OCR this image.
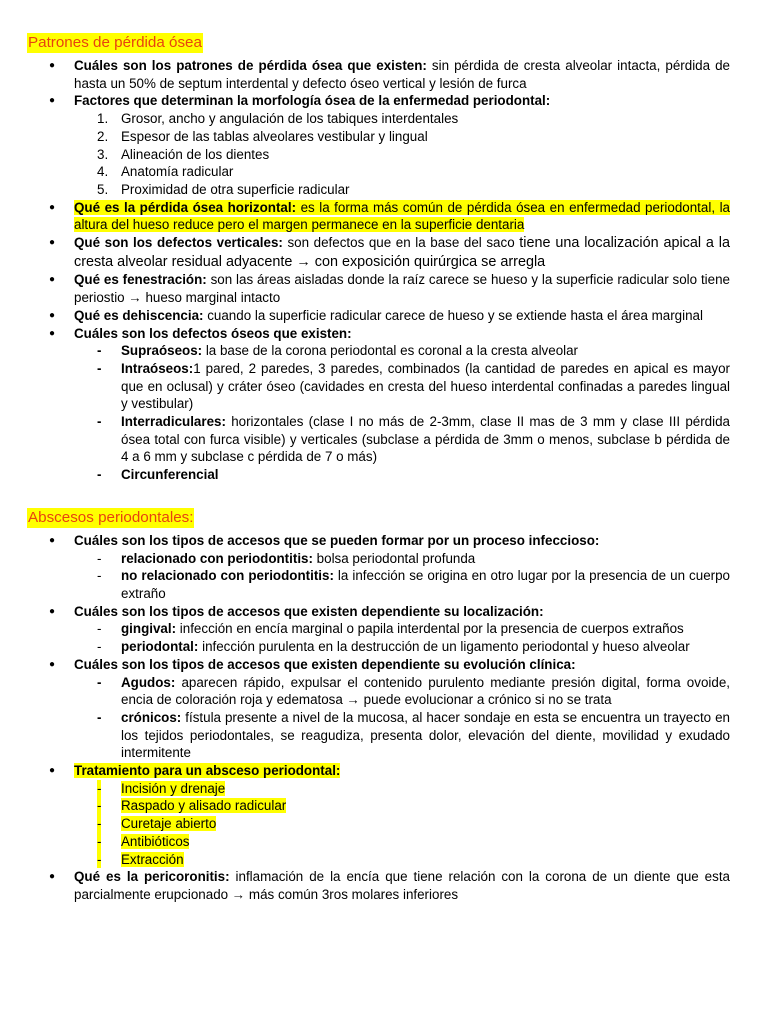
Patrones de pérdida ósea
● Cuáles son los patrones de pérdida ósea que existen: sin pérdida de cresta alveolar intacta, pérdida de hasta un 50% de septum interdental y defecto óseo vertical y lesión de furca
● Factores que determinan la morfología ósea de la enfermedad periodontal:
1. Grosor, ancho y angulación de los tabiques interdentales
2. Espesor de las tablas alveolares vestibular y lingual
3. Alineación de los dientes
4. Anatomía radicular
5. Proximidad de otra superficie radicular
● Qué es la pérdida ósea horizontal: es la forma más común de pérdida ósea en enfermedad periodontal, la altura del hueso reduce pero el margen permanece en la superficie dentaria
● Qué son los defectos verticales: son defectos que en la base del saco tiene una localización apical a la cresta alveolar residual adyacente → con exposición quirúrgica se arregla
● Qué es fenestración: son las áreas aisladas donde la raíz carece se hueso y la superficie radicular solo tiene periostio → hueso marginal intacto
● Qué es dehiscencia: cuando la superficie radicular carece de hueso y se extiende hasta el área marginal
● Cuáles son los defectos óseos que existen:
- Supraóseos: la base de la corona periodontal es coronal a la cresta alveolar
- Intraóseos:1 pared, 2 paredes, 3 paredes, combinados (la cantidad de paredes en apical es mayor que en oclusal) y cráter óseo (cavidades en cresta del hueso interdental confinadas a paredes lingual y vestibular)
- Interradiculares: horizontales (clase I no más de 2-3mm, clase II mas de 3 mm y clase III pérdida ósea total con furca visible) y verticales (subclase a pérdida de 3mm o menos, subclase b pérdida de 4 a 6 mm y subclase c pérdida de 7 o más)
- Circunferencial
Abscesos periodontales:
● Cuáles son los tipos de accesos que se pueden formar por un proceso infeccioso:
- relacionado con periodontitis: bolsa periodontal profunda
- no relacionado con periodontitis: la infección se origina en otro lugar por la presencia de un cuerpo extraño
● Cuáles son los tipos de accesos que existen dependiente su localización:
- gingival: infección en encía marginal o papila interdental por la presencia de cuerpos extraños
- periodontal: infección purulenta en la destrucción de un ligamento periodontal y hueso alveolar
● Cuáles son los tipos de accesos que existen dependiente su evolución clínica:
- Agudos: aparecen rápido, expulsar el contenido purulento mediante presión digital, forma ovoide, encia de coloración roja y edematosa → puede evolucionar a crónico si no se trata
- crónicos: fístula presente a nivel de la mucosa, al hacer sondaje en esta se encuentra un trayecto en los tejidos periodontales, se reagudiza, presenta dolor, elevación del diente, movilidad y exudado intermitente
● Tratamiento para un absceso periodontal:
- Incisión y drenaje
- Raspado y alisado radicular
- Curetaje abierto
- Antibióticos
- Extracción
● Qué es la pericoronitis: inflamación de la encía que tiene relación con la corona de un diente que esta parcialmente erupcionado → más común 3ros molares inferiores
